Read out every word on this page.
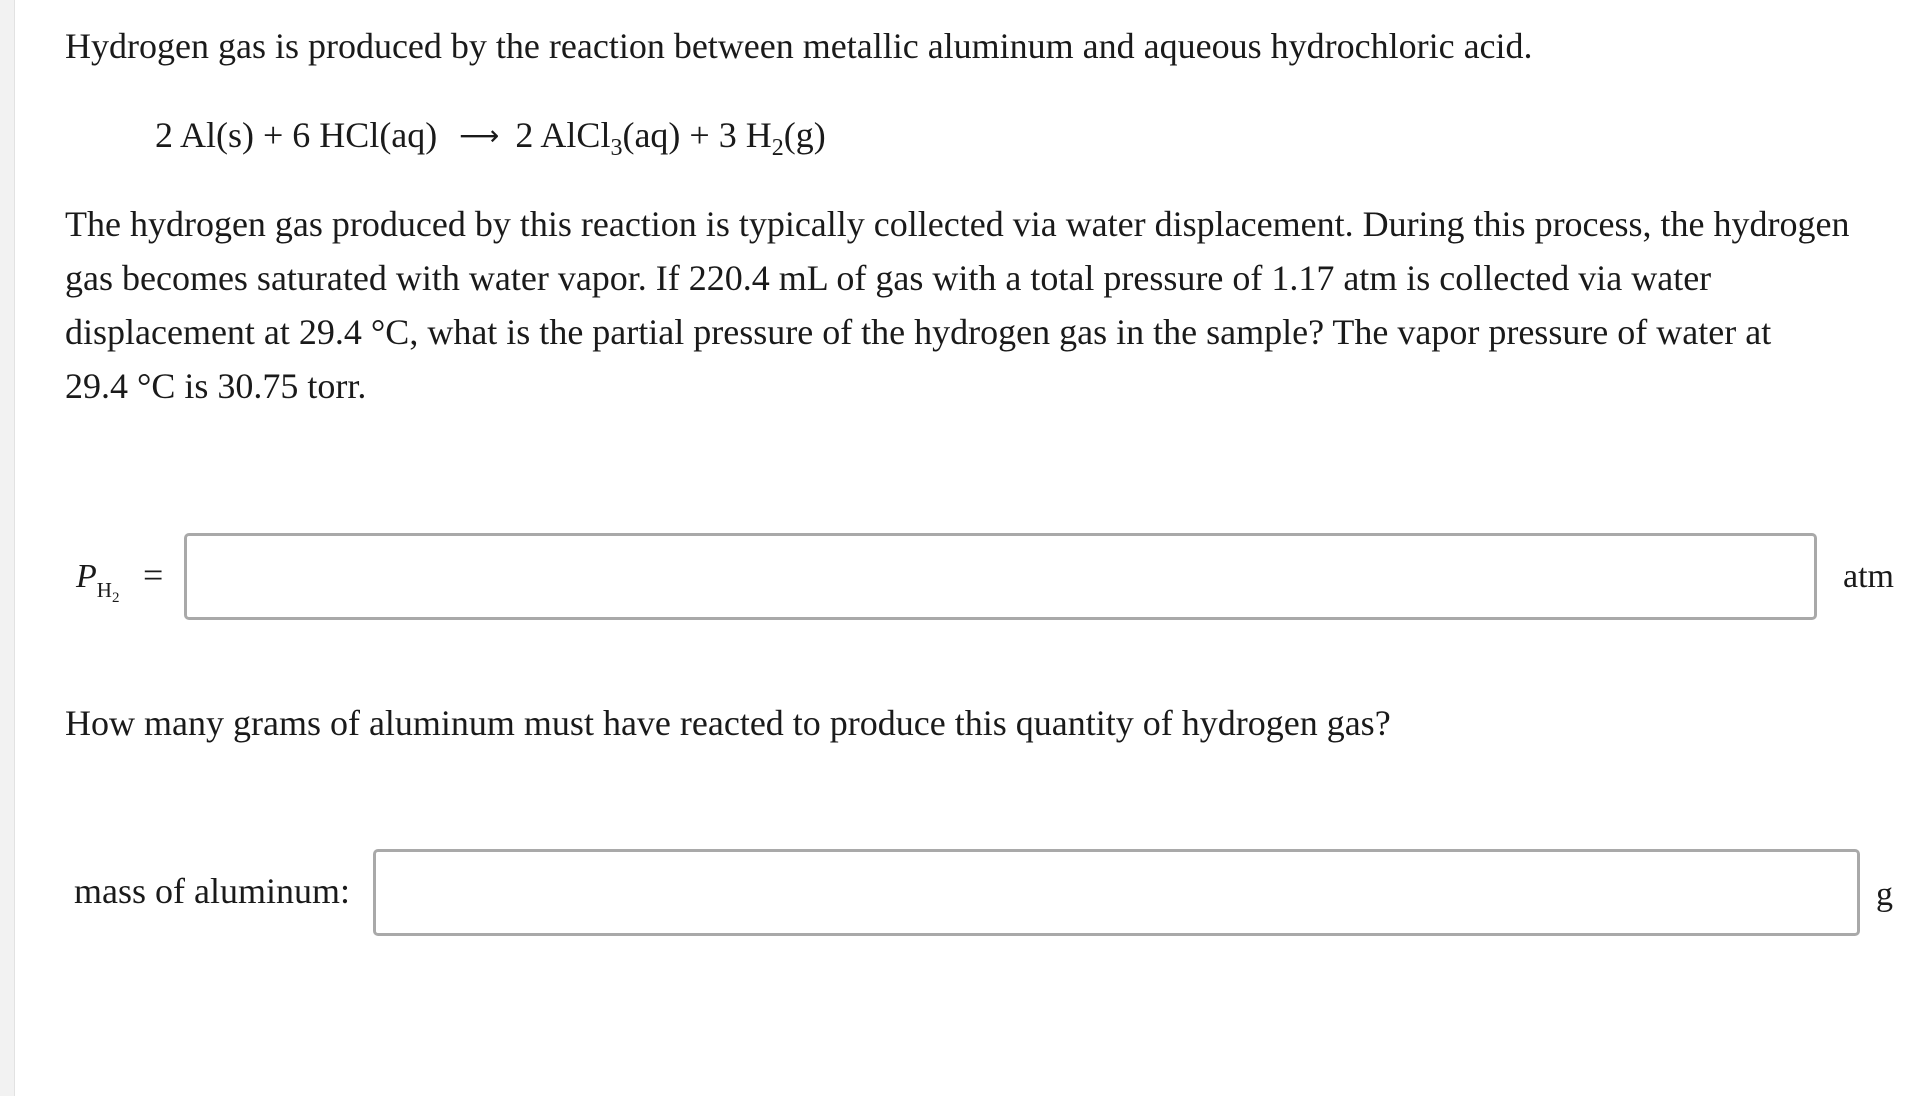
Hydrogen gas is produced by the reaction between metallic aluminum and aqueous hydrochloric acid.

2 Al(s) + 6 HCl(aq) ⟶ 2 AlCl$_3$(aq) + 3 $H_2(g)$

The hydrogen gas produced by this reaction is typically collected via water displacement. During this process, the hydrogen
gas becomes saturated with water vapor. If 220.4 mL of gas with a total pressure of 1.17 atm is collected via water
displacement at 29.4 °C, what is the partial pressure of the hydrogen gas in the sample? The vapor pressure of water at
29.4 °C is 30.75 torr.

$P_{H_2}$
=	atm

How many grams of aluminum must have reacted to produce this quantity of hydrogen gas?

mass of aluminum:	g
